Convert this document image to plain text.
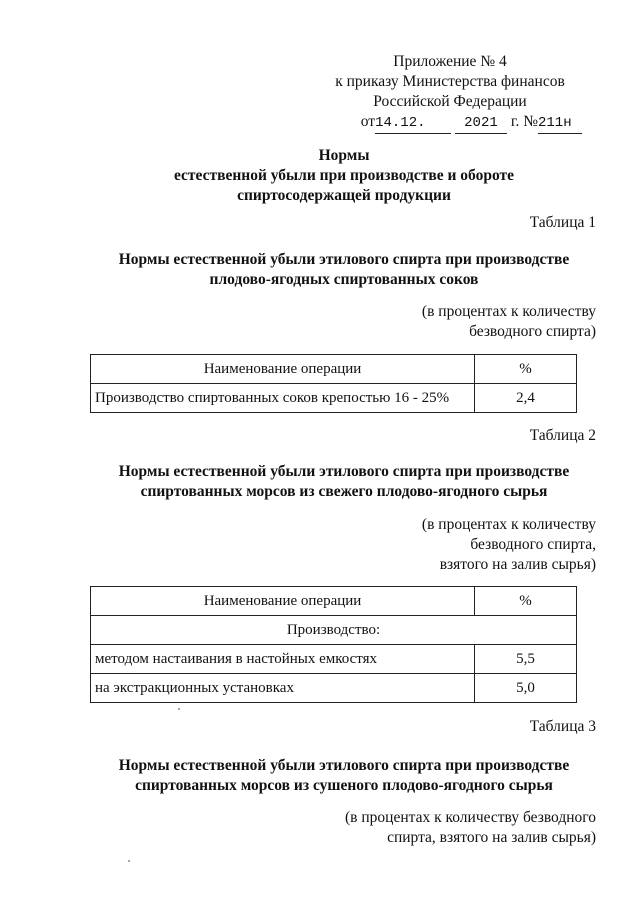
Приложение № 4
к приказу Министерства финансов
Российской Федерации
от14.12.	2021 г. №211н
Нормы
естественной убыли при производстве и обороте
спиртосодержащей продукции
Таблица 1
Нормы естественной убыли этилового спирта при производстве
плодово-ягодных спиртованных соков
(в процентах к количеству
безводного спирта)
Наименование операции	%
Производство спиртованных соков крепостью 16 - 25%	2,4
Таблица 2
Нормы естественной убыли этилового спирта при производстве
спиртованных морсов из свежего плодово-ягодного сырья
(в процентах к количеству
безводного спирта,
взятого на залив сырья)
Наименование операции	%
Производство:	
методом настаивания в настойных емкостях	5,5
на экстракционных установках	5,0
Таблица 3
Нормы естественной убыли этилового спирта при производстве
спиртованных морсов из сушеного плодово-ягодного сырья
(в процентах к количеству безводного
спирта, взятого на залив сырья)
